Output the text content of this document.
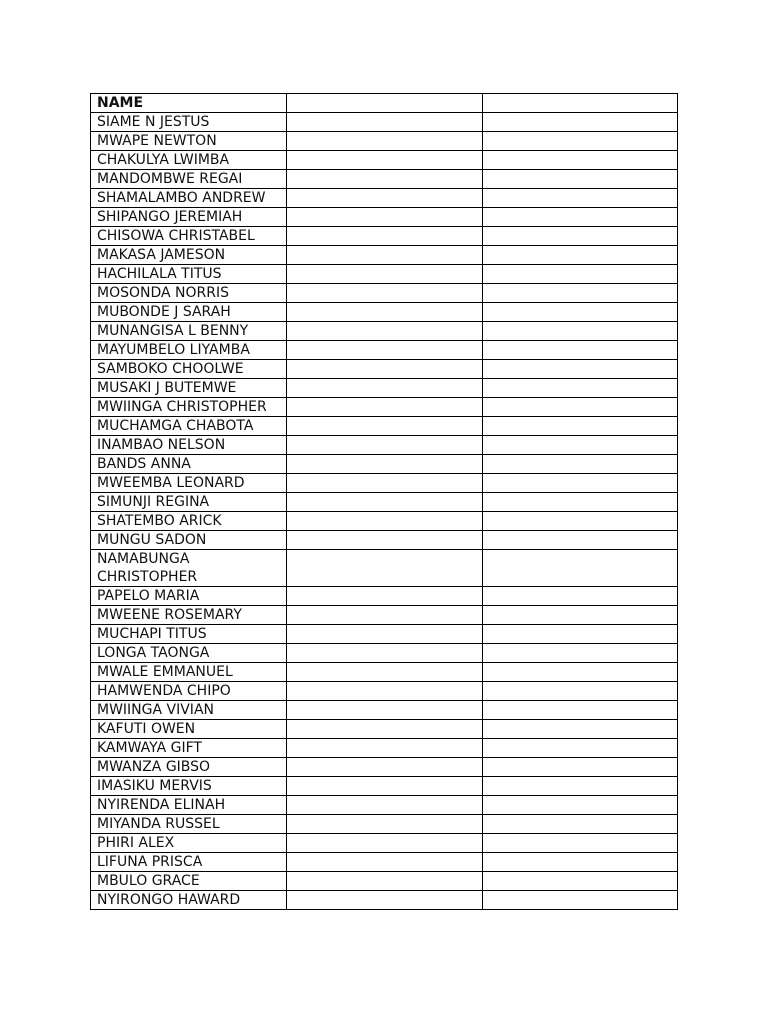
NAME		
SIAME N JESTUS		
MWAPE NEWTON		
CHAKULYA LWIMBA		
MANDOMBWE REGAI		
SHAMALAMBO ANDREW		
SHIPANGO JEREMIAH		
CHISOWA CHRISTABEL		
MAKASA JAMESON		
HACHILALA TITUS		
MOSONDA NORRIS		
MUBONDE J SARAH		
MUNANGISA L BENNY		
MAYUMBELO LIYAMBA		
SAMBOKO CHOOLWE		
MUSAKI J BUTEMWE		
MWIINGA CHRISTOPHER		
MUCHAMGA CHABOTA		
INAMBAO NELSON		
BANDS ANNA		
MWEEMBA LEONARD		
SIMUNJI REGINA		
SHATEMBO ARICK		
MUNGU SADON		
NAMABUNGA CHRISTOPHER		
PAPELO MARIA		
MWEENE ROSEMARY		
MUCHAPI TITUS		
LONGA TAONGA		
MWALE EMMANUEL		
HAMWENDA CHIPO		
MWIINGA VIVIAN		
KAFUTI OWEN		
KAMWAYA GIFT		
MWANZA GIBSO		
IMASIKU MERVIS		
NYIRENDA ELINAH		
MIYANDA RUSSEL		
PHIRI ALEX		
LIFUNA PRISCA		
MBULO GRACE		
NYIRONGO HAWARD		
